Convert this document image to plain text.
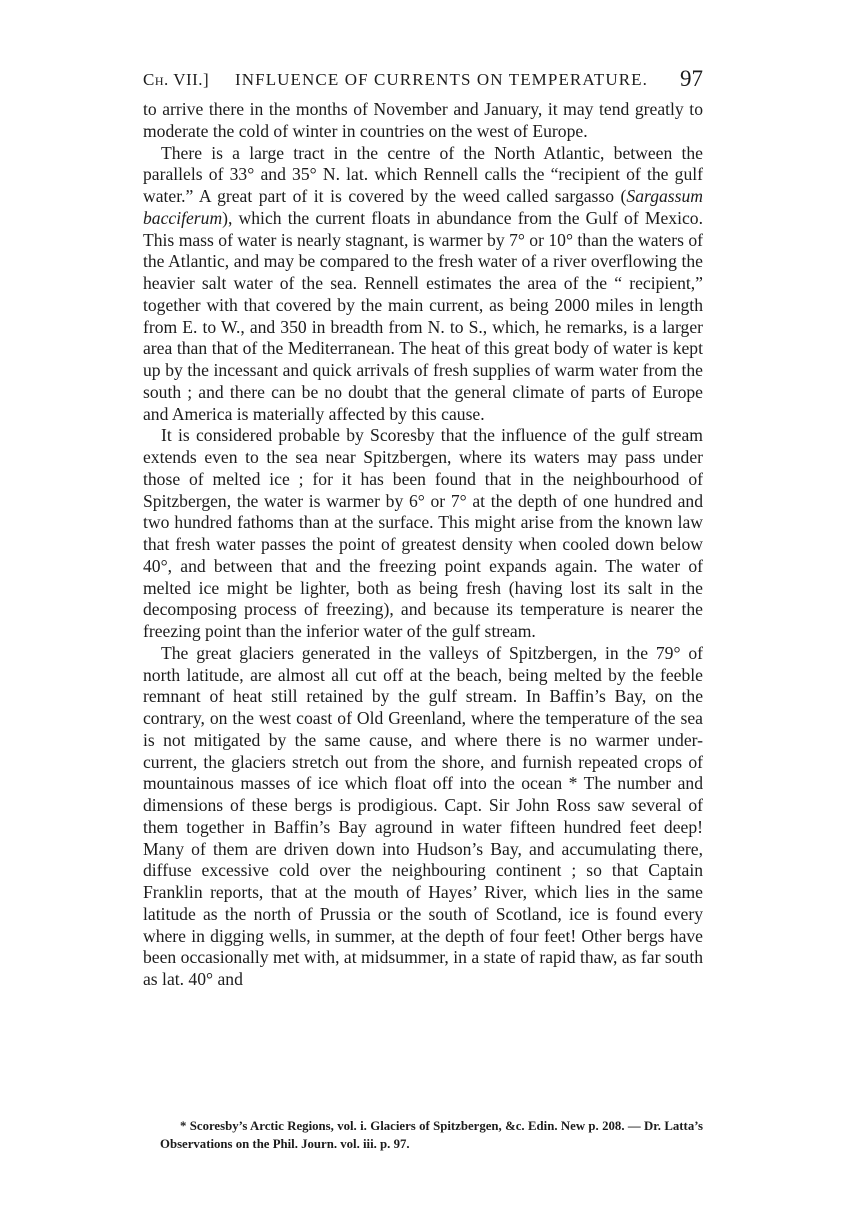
Ch. VII.] INFLUENCE OF CURRENTS ON TEMPERATURE. 97

to arrive there in the months of November and January, it may tend greatly to moderate the cold of winter in countries on the west of Europe.

There is a large tract in the centre of the North Atlantic, between the parallels of 33° and 35° N. lat. which Rennell calls the “recipient of the gulf water.” A great part of it is covered by the weed called sargasso (Sargassum bacciferum), which the current floats in abundance from the Gulf of Mexico. This mass of water is nearly stagnant, is warmer by 7° or 10° than the waters of the Atlantic, and may be compared to the fresh water of a river overflowing the heavier salt water of the sea. Rennell estimates the area of the “ recipient,” together with that covered by the main current, as being 2000 miles in length from E. to W., and 350 in breadth from N. to S., which, he remarks, is a larger area than that of the Mediterranean. The heat of this great body of water is kept up by the incessant and quick arrivals of fresh supplies of warm water from the south ; and there can be no doubt that the general climate of parts of Europe and America is materially affected by this cause.

It is considered probable by Scoresby that the influence of the gulf stream extends even to the sea near Spitzbergen, where its waters may pass under those of melted ice ; for it has been found that in the neighbourhood of Spitzbergen, the water is warmer by 6° or 7° at the depth of one hundred and two hundred fathoms than at the surface. This might arise from the known law that fresh water passes the point of greatest density when cooled down below 40°, and between that and the freezing point expands again. The water of melted ice might be lighter, both as being fresh (having lost its salt in the decomposing process of freezing), and because its temperature is nearer the freezing point than the inferior water of the gulf stream.

The great glaciers generated in the valleys of Spitzbergen, in the 79° of north latitude, are almost all cut off at the beach, being melted by the feeble remnant of heat still retained by the gulf stream. In Baffin’s Bay, on the contrary, on the west coast of Old Greenland, where the temperature of the sea is not mitigated by the same cause, and where there is no warmer under-current, the glaciers stretch out from the shore, and furnish repeated crops of mountainous masses of ice which float off into the ocean * The number and dimensions of these bergs is prodigious. Capt. Sir John Ross saw several of them together in Baffin’s Bay aground in water fifteen hundred feet deep! Many of them are driven down into Hudson’s Bay, and accumulating there, diffuse excessive cold over the neighbouring continent ; so that Captain Franklin reports, that at the mouth of Hayes’ River, which lies in the same latitude as the north of Prussia or the south of Scotland, ice is found every where in digging wells, in summer, at the depth of four feet! Other bergs have been occasionally met with, at midsummer, in a state of rapid thaw, as far south as lat. 40° and

* Scoresby’s Arctic Regions, vol. i. Glaciers of Spitzbergen, &c. Edin. New p. 208. — Dr. Latta’s Observations on the Phil. Journ. vol. iii. p. 97.
